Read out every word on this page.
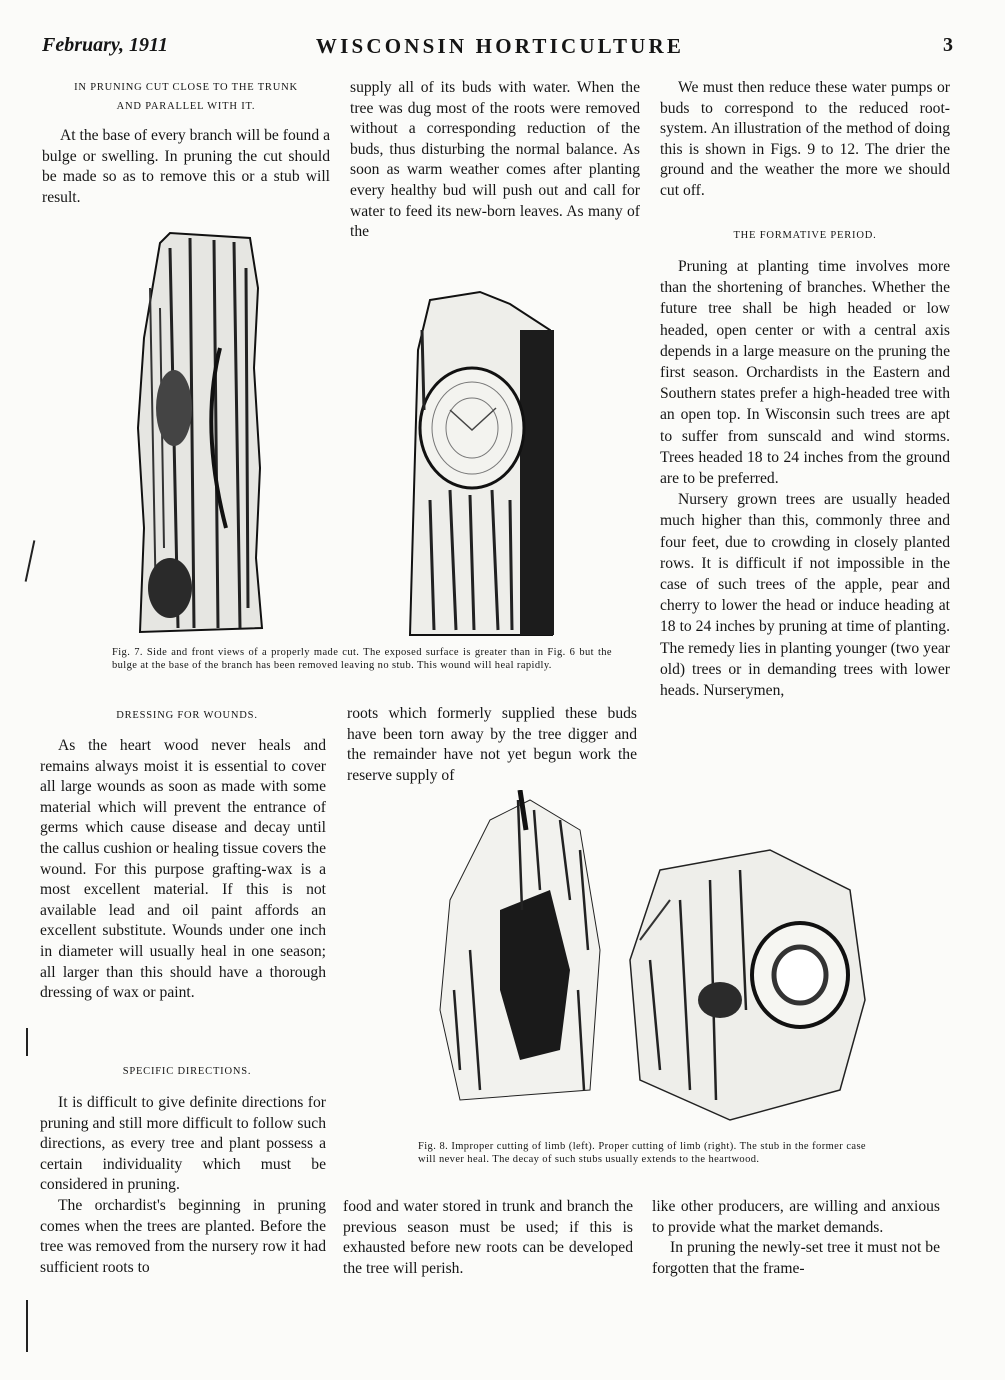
February, 1911	WISCONSIN HORTICULTURE	3
IN PRUNING CUT CLOSE TO THE TRUNK
AND PARALLEL WITH IT.

At the base of every branch will be found a bulge or swelling. In pruning the cut should be made so as to remove this or a stub will result.

Fig. 7. Side and front views of a properly made cut. The exposed surface is greater than in Fig. 6 but the bulge at the base of the branch has been removed leaving no stub. This wound will heal rapidly.

supply all of its buds with water. When the tree was dug most of the roots were removed without a corresponding reduction of the buds, thus disturbing the normal balance. As soon as warm weather comes after planting every healthy bud will push out and call for water to feed its new-born leaves. As many of the

We must then reduce these water pumps or buds to correspond to the reduced root-system. An illustration of the method of doing this is shown in Figs. 9 to 12. The drier the ground and the weather the more we should cut off.

THE FORMATIVE PERIOD.

Pruning at planting time involves more than the shortening of branches. Whether the future tree shall be high headed or low headed, open center or with a central axis depends in a large measure on the pruning the first season. Orchardists in the Eastern and Southern states prefer a high-headed tree with an open top. In Wisconsin such trees are apt to suffer from sunscald and wind storms. Trees headed 18 to 24 inches from the ground are to be preferred.

Nursery grown trees are usually headed much higher than this, commonly three and four feet, due to crowding in closely planted rows. It is difficult if not impossible in the case of such trees of the apple, pear and cherry to lower the head or induce heading at 18 to 24 inches by pruning at time of planting. The remedy lies in planting younger (two year old) trees or in demanding trees with lower heads. Nurserymen,

DRESSING FOR WOUNDS.

As the heart wood never heals and remains always moist it is essential to cover all large wounds as soon as made with some material which will prevent the entrance of germs which cause disease and decay until the callus cushion or healing tissue covers the wound. For this purpose grafting-wax is a most excellent material. If this is not available lead and oil paint affords an excellent substitute. Wounds under one inch in diameter will usually heal in one season; all larger than this should have a thorough dressing of wax or paint.

roots which formerly supplied these buds have been torn away by the tree digger and the remainder have not yet begun work the reserve supply of

SPECIFIC DIRECTIONS.

It is difficult to give definite directions for pruning and still more difficult to follow such directions, as every tree and plant possess a certain individuality which must be considered in pruning.

The orchardist's beginning in pruning comes when the trees are planted. Before the tree was removed from the nursery row it had sufficient roots to

Fig. 8. Improper cutting of limb (left). Proper cutting of limb (right). The stub in the former case will never heal. The decay of such stubs usually extends to the heartwood.

food and water stored in trunk and branch the previous season must be used; if this is exhausted before new roots can be developed the tree will perish.

like other producers, are willing and anxious to provide what the market demands.

In pruning the newly-set tree it must not be forgotten that the frame-
